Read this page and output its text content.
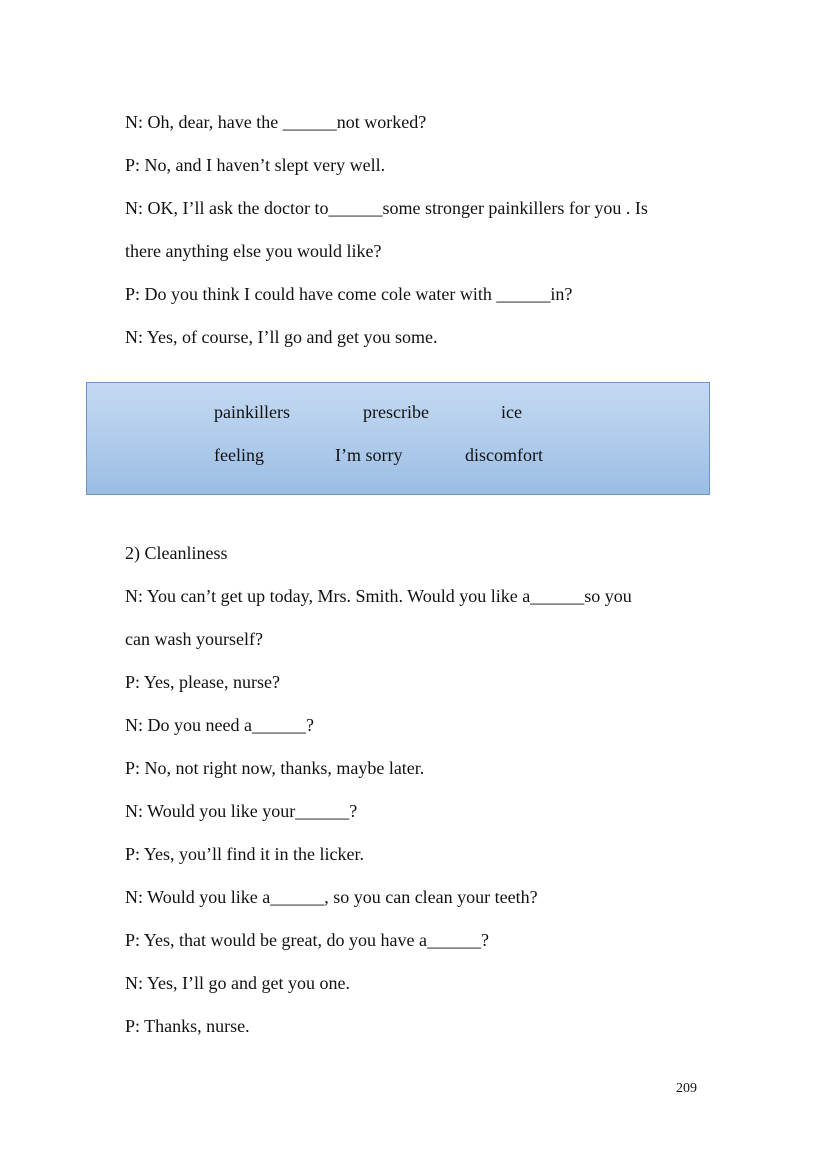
N: Oh, dear, have the ______not worked?
P: No, and I haven’t slept very well.
N: OK, I’ll ask the doctor to______some stronger painkillers for you . Is
there anything else you would like?
P: Do you think I could have come cole water with ______in?
N: Yes, of course, I’ll go and get you some.
painkillers	prescribe	ice
feeling	I’m sorry	discomfort
2) Cleanliness
N: You can’t get up today, Mrs. Smith. Would you like a______so you
can wash yourself?
P: Yes, please, nurse?
N: Do you need a______?
P: No, not right now, thanks, maybe later.
N: Would you like your______?
P: Yes, you’ll find it in the licker.
N: Would you like a______, so you can clean your teeth?
P: Yes, that would be great, do you have a______?
N: Yes, I’ll go and get you one.
P: Thanks, nurse.
209
